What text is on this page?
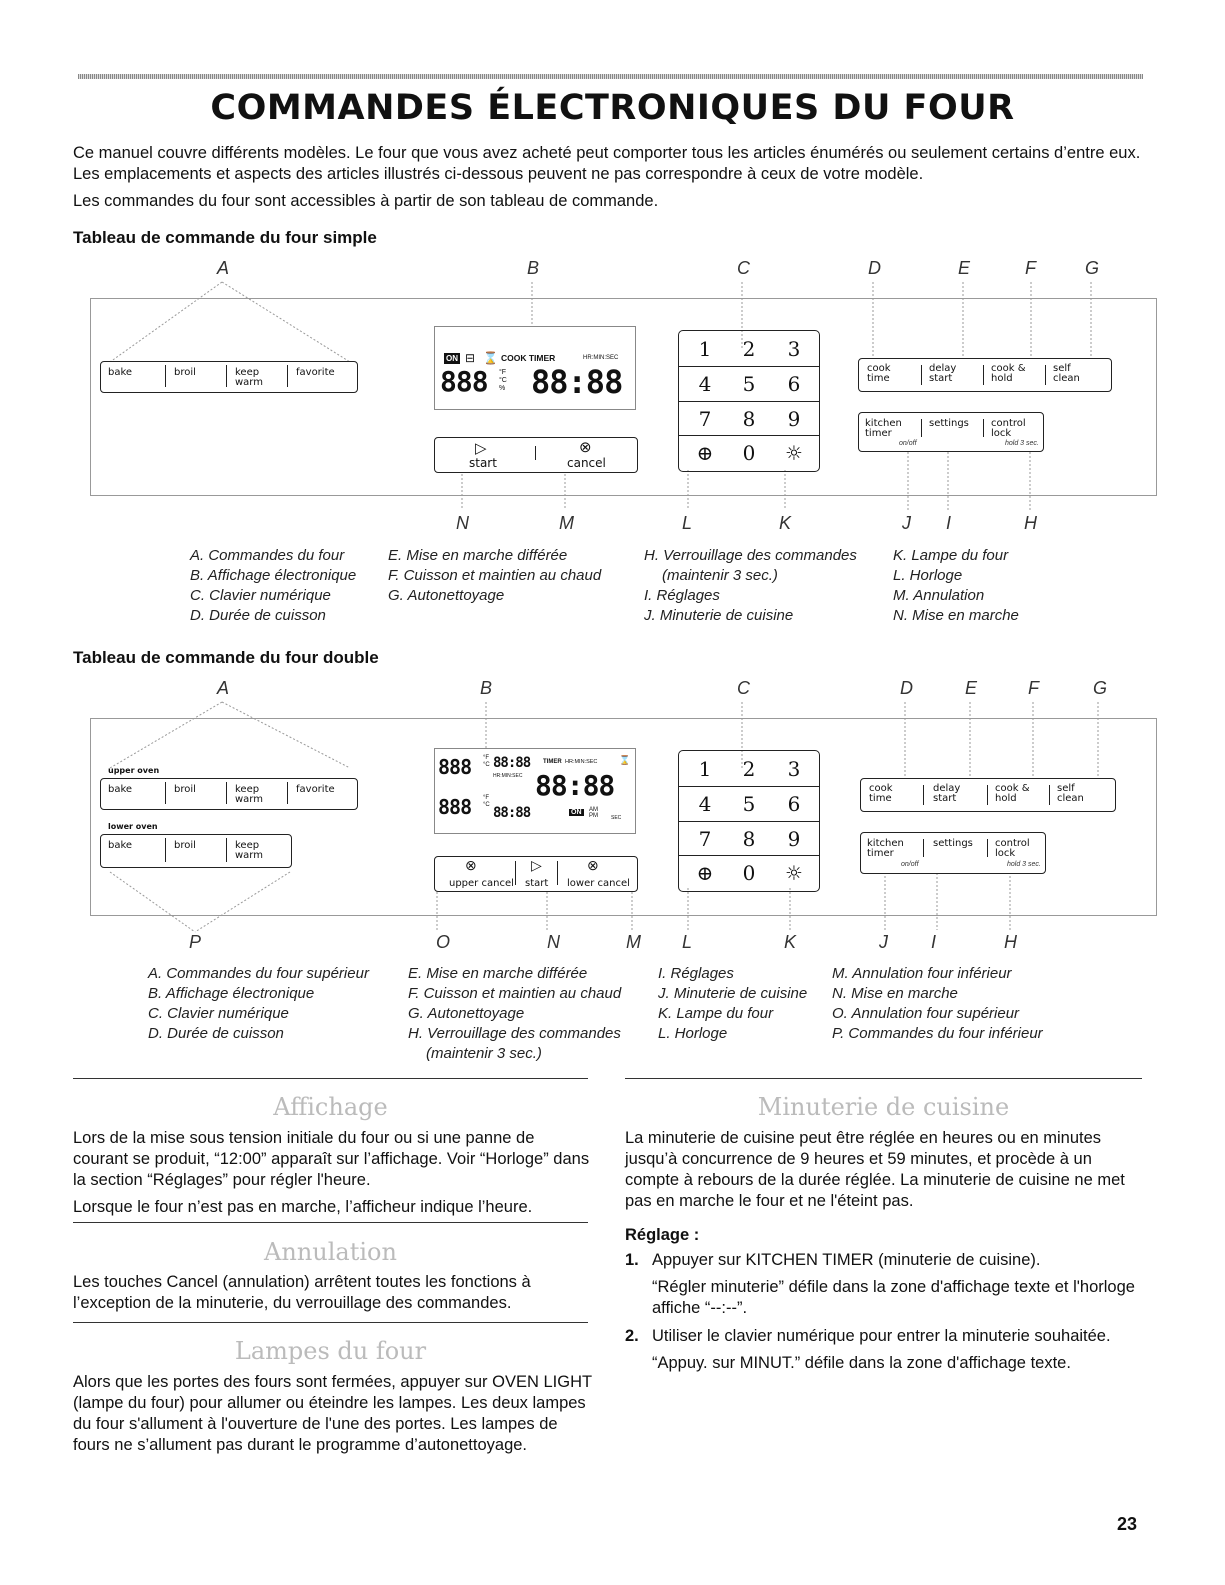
COMMANDES ÉLECTRONIQUES DU FOUR

Ce manuel couvre différents modèles. Le four que vous avez acheté peut comporter tous les articles énumérés ou seulement certains d’entre eux. Les emplacements et aspects des articles illustrés ci-dessous peuvent ne pas correspondre à ceux de votre modèle.

Les commandes du four sont accessibles à partir de son tableau de commande.

Tableau de commande du four simple
A	B	C	D	E	F	G
bake	broil	keep warm
favorite
ON ⊟ ⌛ COOK TIMER	HR:MIN:SEC
888 °F °C % 88:88
▷
start
⊗
cancel
1	2	3
4	5	6
7	8	9
⊕	0	☼
cook time
delay start
cook & hold
self clean
kitchen timer
settings control lock
on/off	hold 3 sec.
N	M	L	K	J I	H
A. Commandes du four
B. Affichage électronique
C. Clavier numérique
D. Durée de cuisson
E. Mise en marche différée
F. Cuisson et maintien au chaud
G. Autonettoyage
H. Verrouillage des commandes
(maintenir 3 sec.)
I. Réglages
J. Minuterie de cuisine
K. Lampe du four
L. Horloge
M. Annulation
N. Mise en marche
Tableau de commande du four double
A	B	C	D	E	F	G
upper oven
bake	broil	keep warm
favorite
lower oven
bake	broil	keep warm
888 °F °C 88:88 TIMER HR:MIN:SEC ⌛
HR:MIN:SEC 88:88
888 °F °C 88:88	ON	AM PM	SEC
⊗
upper cancel
▷
start
⊗
lower cancel
1	2	3
4	5	6
7	8	9
⊕	0	☼
cook time
delay start
cook & hold
self clean
kitchen timer
settings control lock
on/off	hold 3 sec.
P	O	N	M L	K	J I	H
A. Commandes du four supérieur
B. Affichage électronique
C. Clavier numérique
D. Durée de cuisson
E. Mise en marche différée
F. Cuisson et maintien au chaud
G. Autonettoyage
H. Verrouillage des commandes
(maintenir 3 sec.)
I. Réglages
J. Minuterie de cuisine
K. Lampe du four
L. Horloge
M. Annulation four inférieur
N. Mise en marche
O. Annulation four supérieur
P. Commandes du four inférieur
Affichage

Lors de la mise sous tension initiale du four ou si une panne de courant se produit, “12:00” apparaît sur l’affichage. Voir “Horloge” dans la section “Réglages” pour régler l'heure.

Lorsque le four n’est pas en marche, l’afficheur indique l’heure.

Annulation

Les touches Cancel (annulation) arrêtent toutes les fonctions à l’exception de la minuterie, du verrouillage des commandes.

Lampes du four

Alors que les portes des fours sont fermées, appuyer sur OVEN LIGHT (lampe du four) pour allumer ou éteindre les lampes. Les deux lampes du four s'allument à l'ouverture de l'une des portes. Les lampes de fours ne s’allument pas durant le programme d’autonettoyage.

Minuterie de cuisine

La minuterie de cuisine peut être réglée en heures ou en minutes jusqu’à concurrence de 9 heures et 59 minutes, et procède à un compte à rebours de la durée réglée. La minuterie de cuisine ne met pas en marche le four et ne l'éteint pas.

Réglage :
1. Appuyer sur KITCHEN TIMER (minuterie de cuisine).
“Régler minuterie” défile dans la zone d'affichage texte et l'horloge affiche “--:--”.
2. Utiliser le clavier numérique pour entrer la minuterie souhaitée.
“Appuy. sur MINUT.” défile dans la zone d'affichage texte.
23
